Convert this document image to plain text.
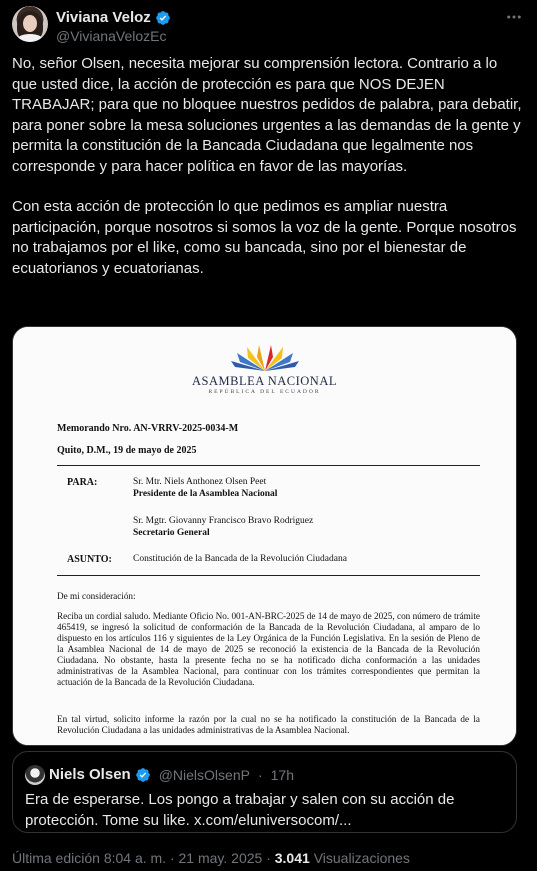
Viviana Veloz
@VivianaVelozEc

No, señor Olsen, necesita mejorar su comprensión lectora. Contrario a lo que usted dice, la acción de protección es para que NOS DEJEN TRABAJAR; para que no bloquee nuestros pedidos de palabra, para debatir, para poner sobre la mesa soluciones urgentes a las demandas de la gente y permita la constitución de la Bancada Ciudadana que legalmente nos corresponde y para hacer política en favor de las mayorías.

Con esta acción de protección lo que pedimos es ampliar nuestra participación, porque nosotros si somos la voz de la gente. Porque nosotros no trabajamos por el like, como su bancada, sino por el bienestar de ecuatorianos y ecuatorianas.

ASAMBLEA NACIONAL
REPÚBLICA DEL ECUADOR
Memorando Nro. AN-VRRV-2025-0034-M
Quito, D.M., 19 de mayo de 2025
PARA:	Sr. Mtr. Niels Anthonez Olsen Peet
Presidente de la Asamblea Nacional
Sr. Mgtr. Giovanny Francisco Bravo Rodriguez
Secretario General
ASUNTO: Constitución de la Bancada de la Revolución Ciudadana
De mi consideración:
Reciba un cordial saludo. Mediante Oficio No. 001-AN-BRC-2025 de 14 de mayo de 2025, con número de trámite 465419, se ingresó la solicitud de conformación de la Bancada de la Revolución Ciudadana, al amparo de lo dispuesto en los artículos 116 y siguientes de la Ley Orgánica de la Función Legislativa. En la sesión de Pleno de la Asamblea Nacional de 14 de mayo de 2025 se reconoció la existencia de la Bancada de la Revolución Ciudadana. No obstante, hasta la presente fecha no se ha notificado dicha conformación a las unidades administrativas de la Asamblea Nacional, para continuar con los trámites correspondientes que permitan la actuación de la Bancada de la Revolución Ciudadana.
En tal virtud, solicito informe la razón por la cual no se ha notificado la constitución de la Bancada de la Revolución Ciudadana a las unidades administrativas de la Asamblea Nacional.
Niels Olsen @NielsOlsenP · 17h
Era de esperarse. Los pongo a trabajar y salen con su acción de protección. Tome su like. x.com/eluniversocom/...
Última edición 8:04 a. m. · 21 may. 2025 · 3.041 Visualizaciones
